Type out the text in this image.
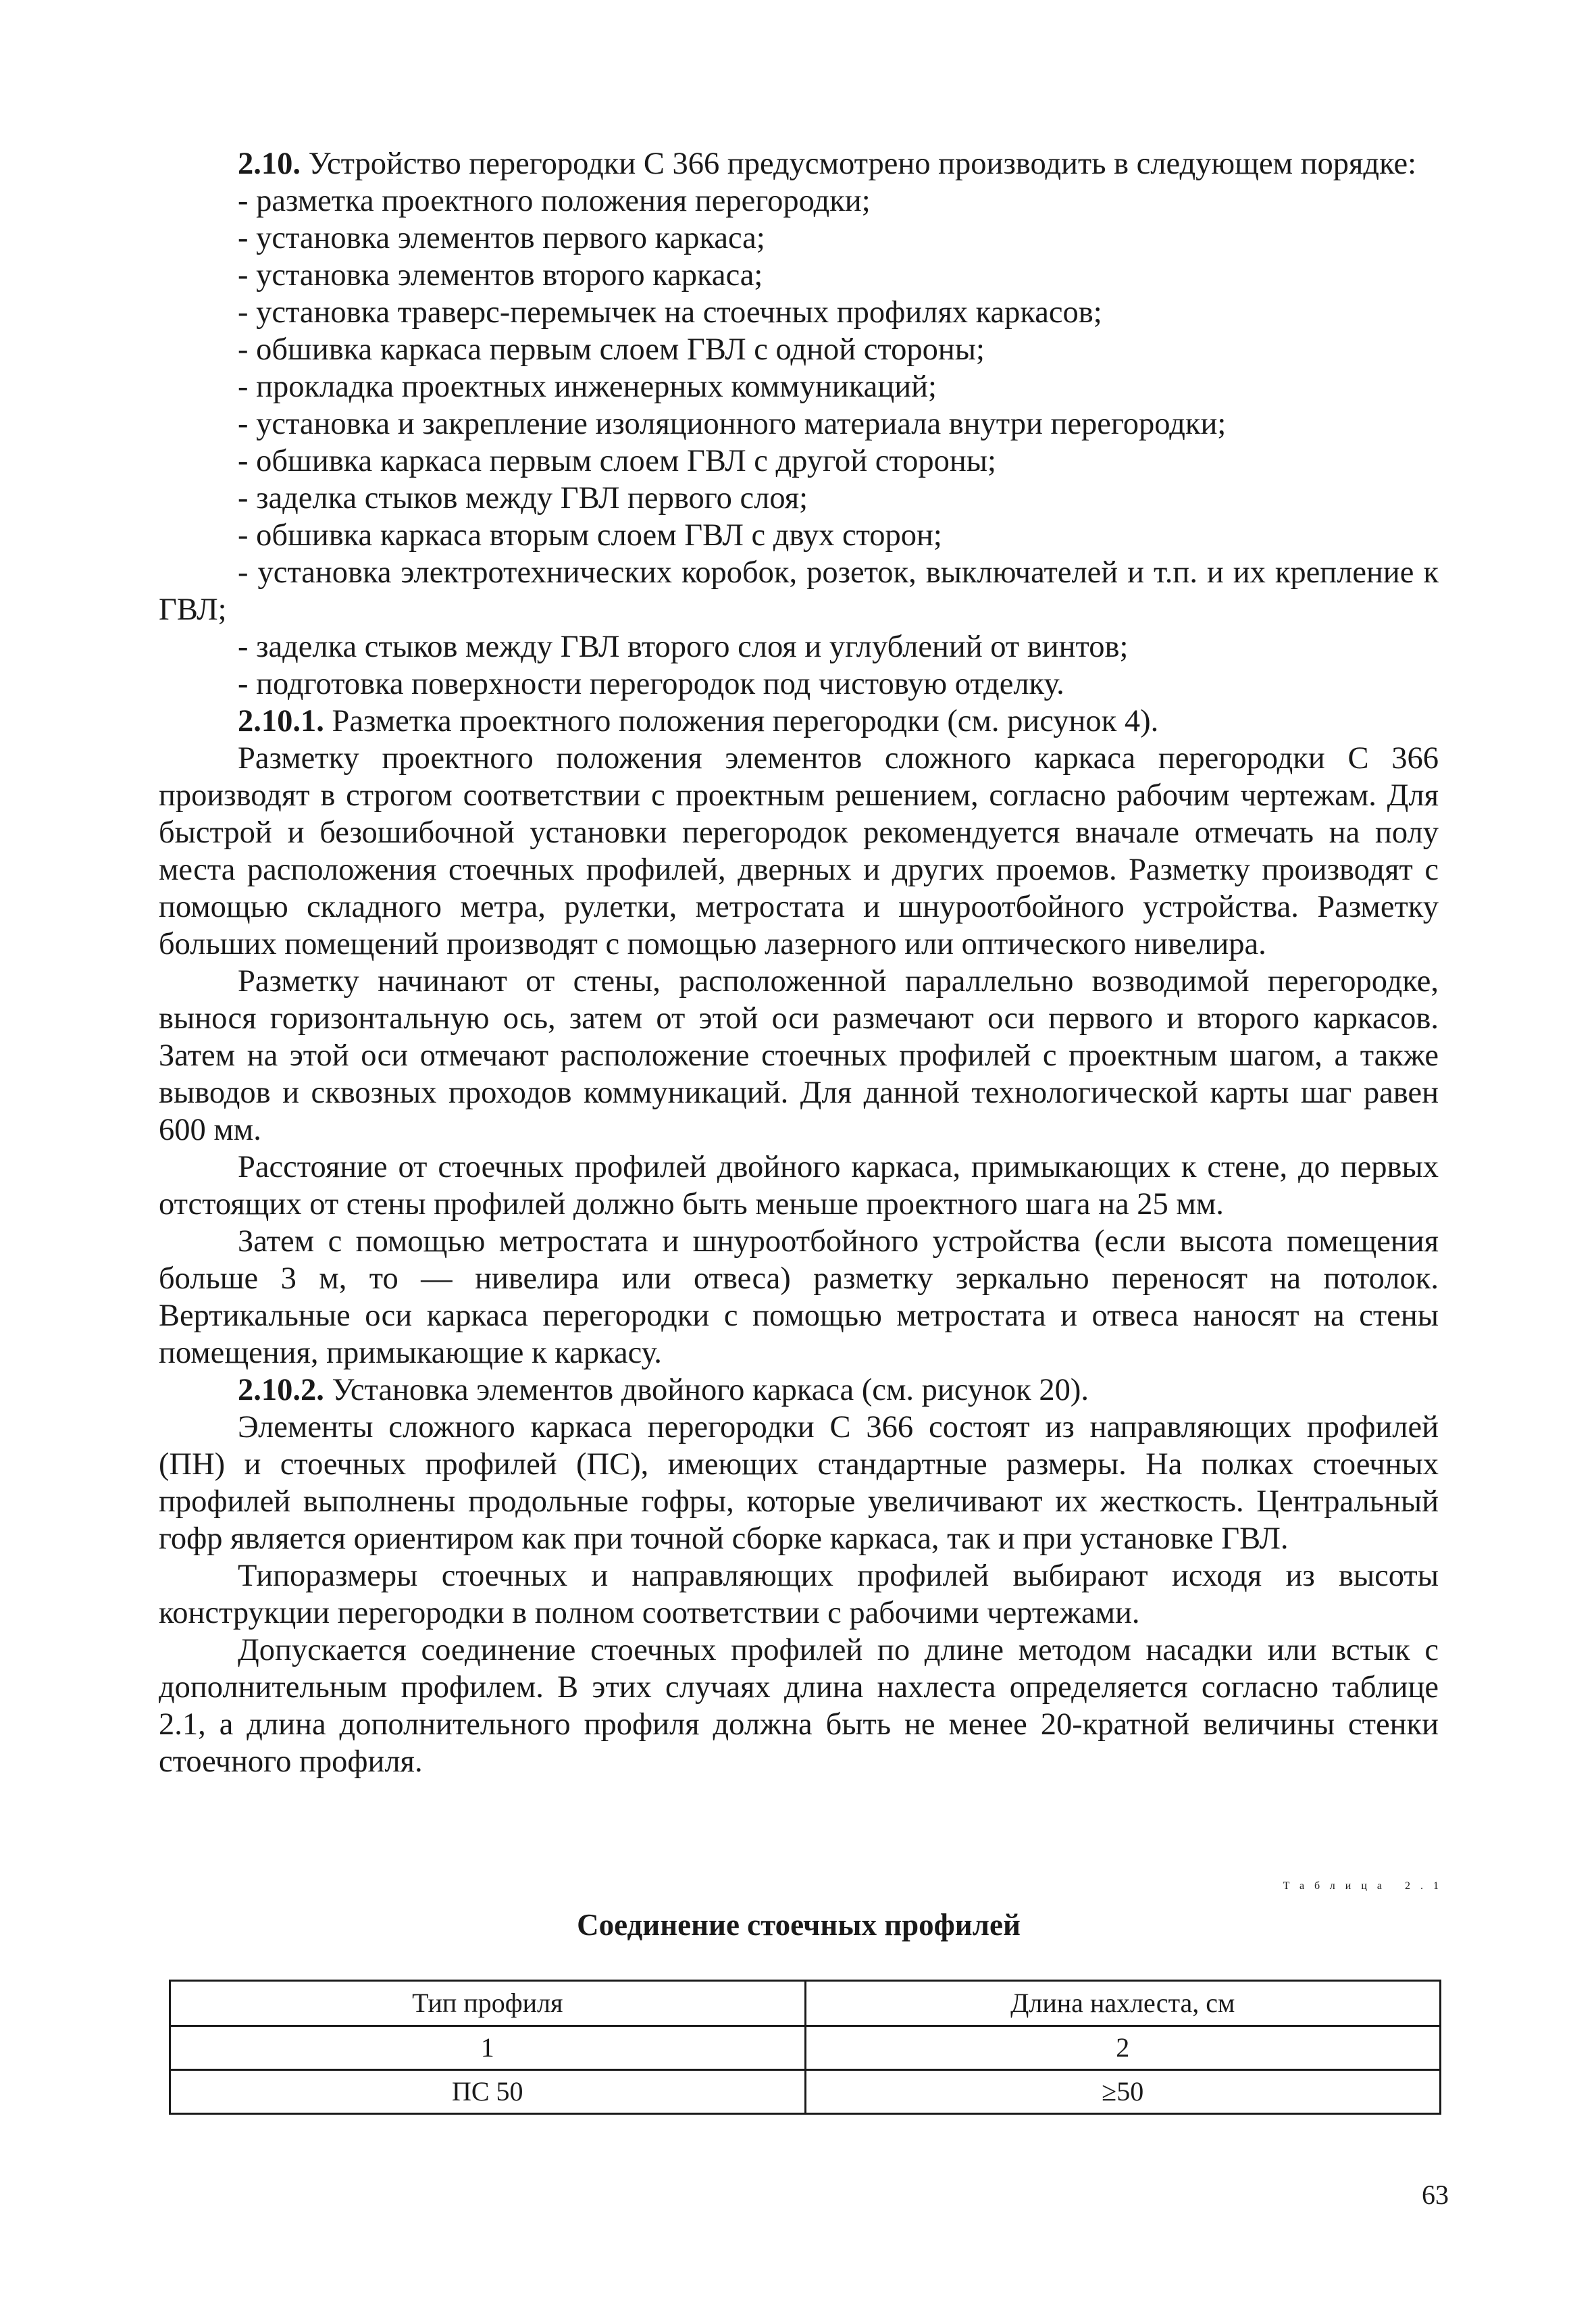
2.10. Устройство перегородки С 366 предусмотрено производить в следующем порядке:

- разметка проектного положения перегородки;

- установка элементов первого каркаса;

- установка элементов второго каркаса;

- установка траверс-перемычек на стоечных профилях каркасов;

- обшивка каркаса первым слоем ГВЛ с одной стороны;

- прокладка проектных инженерных коммуникаций;

- установка и закрепление изоляционного материала внутри перегородки;

- обшивка каркаса первым слоем ГВЛ с другой стороны;

- заделка стыков между ГВЛ первого слоя;

- обшивка каркаса вторым слоем ГВЛ с двух сторон;

- установка электротехнических коробок, розеток, выключателей и т.п. и их крепление к ГВЛ;

- заделка стыков между ГВЛ второго слоя и углублений от винтов;

- подготовка поверхности перегородок под чистовую отделку.

2.10.1. Разметка проектного положения перегородки (см. рисунок 4).

Разметку проектного положения элементов сложного каркаса перегородки С 366 производят в строгом соответствии с проектным решением, согласно рабочим чертежам. Для быстрой и безошибочной установки перегородок рекомендуется вначале отмечать на полу места расположения стоечных профилей, дверных и других проемов. Разметку производят с помощью складного метра, рулетки, метростата и шнуроотбойного устройства. Разметку больших помещений производят с помощью лазерного или оптического нивелира.

Разметку начинают от стены, расположенной параллельно возводимой перегородке, вынося горизонтальную ось, затем от этой оси размечают оси первого и второго каркасов. Затем на этой оси отмечают расположение стоечных профилей с проектным шагом, а также выводов и сквозных проходов коммуникаций. Для данной технологической карты шаг равен 600 мм.

Расстояние от стоечных профилей двойного каркаса, примыкающих к стене, до первых отстоящих от стены профилей должно быть меньше проектного шага на 25 мм.

Затем с помощью метростата и шнуроотбойного устройства (если высота помещения больше 3 м, то — нивелира или отвеса) разметку зеркально переносят на потолок. Вертикальные оси каркаса перегородки с помощью метростата и отвеса наносят на стены помещения, примыкающие к каркасу.

2.10.2. Установка элементов двойного каркаса (см. рисунок 20).

Элементы сложного каркаса перегородки С 366 состоят из направляющих профилей (ПН) и стоечных профилей (ПС), имеющих стандартные размеры. На полках стоечных профилей выполнены продольные гофры, которые увеличивают их жесткость. Центральный гофр является ориентиром как при точной сборке каркаса, так и при установке ГВЛ.

Типоразмеры стоечных и направляющих профилей выбирают исходя из высоты конструкции перегородки в полном соответствии с рабочими чертежами.

Допускается соединение стоечных профилей по длине методом насадки или встык с дополнительным профилем. В этих случаях длина нахлеста определяется согласно таблице 2.1, а длина дополнительного профиля должна быть не менее 20-кратной величины стенки стоечного профиля.

Таблица 2.1

Соединение стоечных профилей

Тип профиля	Длина нахлеста, см
1	2
ПС 50	≥50
63
